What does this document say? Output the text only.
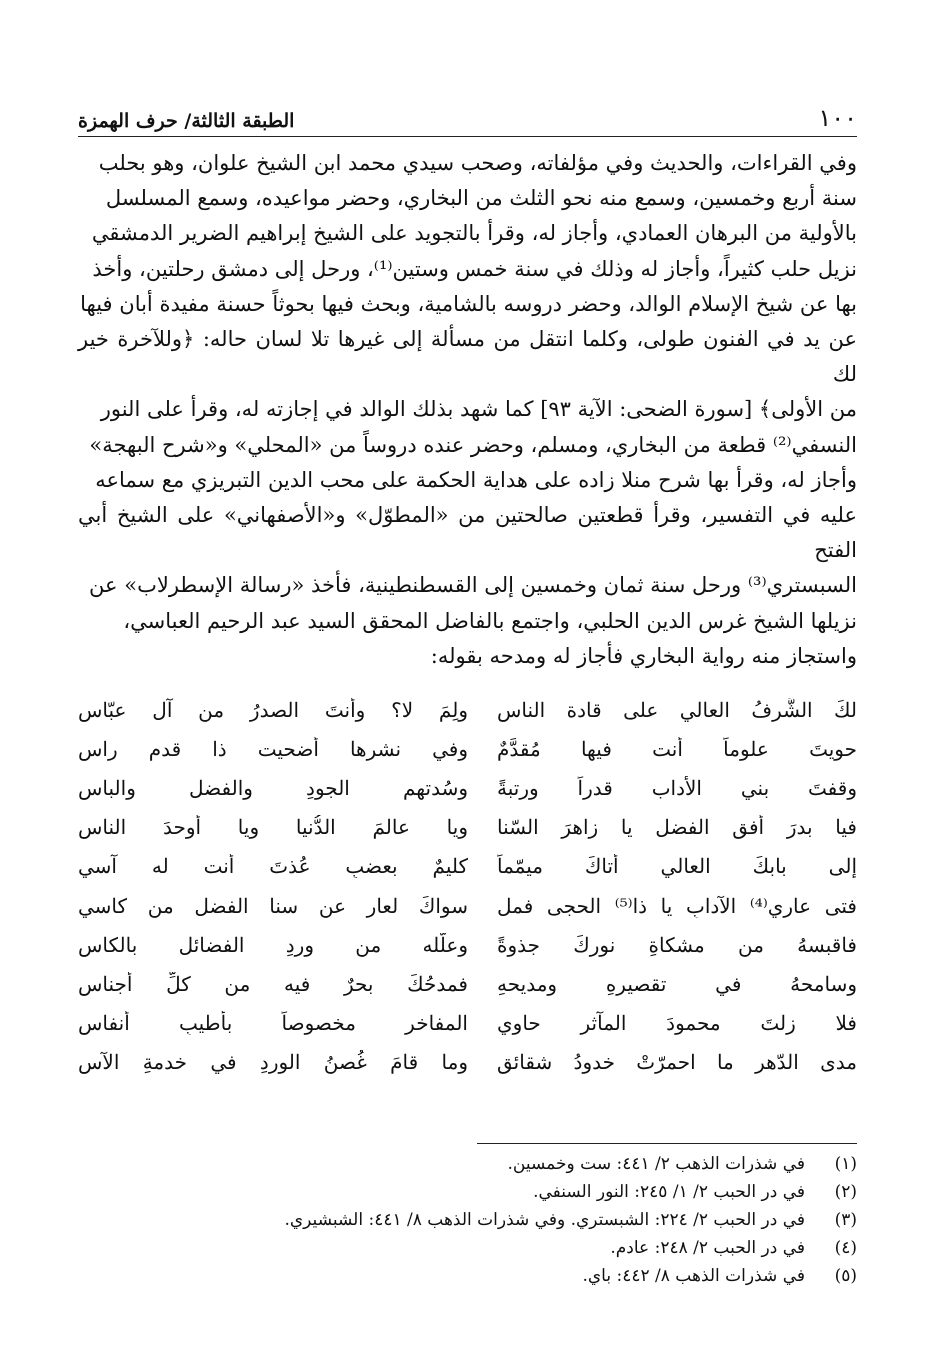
١٠٠
الطبقة الثالثة/ حرف الهمزة

وفي القراءات، والحديث وفي مؤلفاته، وصحب سيدي محمد ابن الشيخ علوان، وهو بحلب

سنة أربع وخمسين، وسمع منه نحو الثلث من البخاري، وحضر مواعيده، وسمع المسلسل

بالأولية من البرهان العمادي، وأجاز له، وقرأ بالتجويد على الشيخ إبراهيم الضرير الدمشقي

نزيل حلب كثيراً، وأجاز له وذلك في سنة خمس وستين⁽¹⁾، ورحل إلى دمشق رحلتين، وأخذ

بها عن شيخ الإسلام الوالد، وحضر دروسه بالشامية، وبحث فيها بحوثاً حسنة مفيدة أبان فيها

عن يد في الفنون طولى، وكلما انتقل من مسألة إلى غيرها تلا لسان حاله: ﴿وللآخرة خير لك

من الأولى﴾ [سورة الضحى: الآية ٩٣] كما شهد بذلك الوالد في إجازته له، وقرأ على النور

النسفي⁽²⁾ قطعة من البخاري، ومسلم، وحضر عنده دروساً من «المحلي» و«شرح البهجة»

وأجاز له، وقرأ بها شرح منلا زاده على هداية الحكمة على محب الدين التبريزي مع سماعه

عليه في التفسير، وقرأ قطعتين صالحتين من «المطوّل» و«الأصفهاني» على الشيخ أبي الفتح

السبستري⁽³⁾ ورحل سنة ثمان وخمسين إلى القسطنطينية، فأخذ «رسالة الإسطرلاب» عن

نزيلها الشيخ غرس الدين الحلبي، واجتمع بالفاضل المحقق السيد عبد الرحيم العباسي،

واستجاز منه رواية البخاري فأجاز له ومدحه بقوله:

لكَ الشَّرفُ العالي على قادة الناسِ
ولِمَ لا؟ وأنتَ الصدرُ من آلِ عبّاسِ
حويتَ علوماً أنت فيها مُقدَّمٌ
وفي نشرها أضحيت ذا قدم راسِ
وقفتَ بني الأداب قدراً ورتبةً
وسُدتهم الجودِ والفضلِ والباسِ
فيا بدرَ أفقِ الفضلِ يا زاهرَ السّنا
ويا عالمَ الدُّنيا ويا أوحدَ الناسِ
إلى بابكَ العالي أتاكَ ميمّماً
كليمٌ بعضبٍ عُذتَ أنت له آسي
فتى عاري⁽⁴⁾ الآدابِ يا ذا⁽⁵⁾ الحجى فمل
سواكَ لعارٍ عن سنا الفضلِ من كاسي
فاقبسهُ من مشكاةِ نورِكَ جذوةً
وعلّله من وردِ الفضائلِ بالكاسِ
وسامحهُ في تقصيرهِ ومديحهِ
فمدحُكَ بحرٌ فيه من كلِّ أجناسِ
فلا زلتَ محمودَ المآثرِ حاوي
المفاخرِ مخصوصاً بأطيبِ أنفاسِ
مدى الدّهرِ ما احمرّتْ خدودُ شقائقٍ
وما قامَ غُصنُ الوردِ في خدمةِ الآسِ
(١)
في شذرات الذهب ٢/ ٤٤١: ست وخمسين.
(٢)
في در الحبب ٢/ ١/ ٢٤٥: النور السنفي.
(٣)
في در الحبب ٢/ ٢٢٤: الشبستري. وفي شذرات الذهب ٨/ ٤٤١: الشبشيري.
(٤)
في در الحبب ٢/ ٢٤٨: عادم.
(٥)
في شذرات الذهب ٨/ ٤٤٢: باي.
